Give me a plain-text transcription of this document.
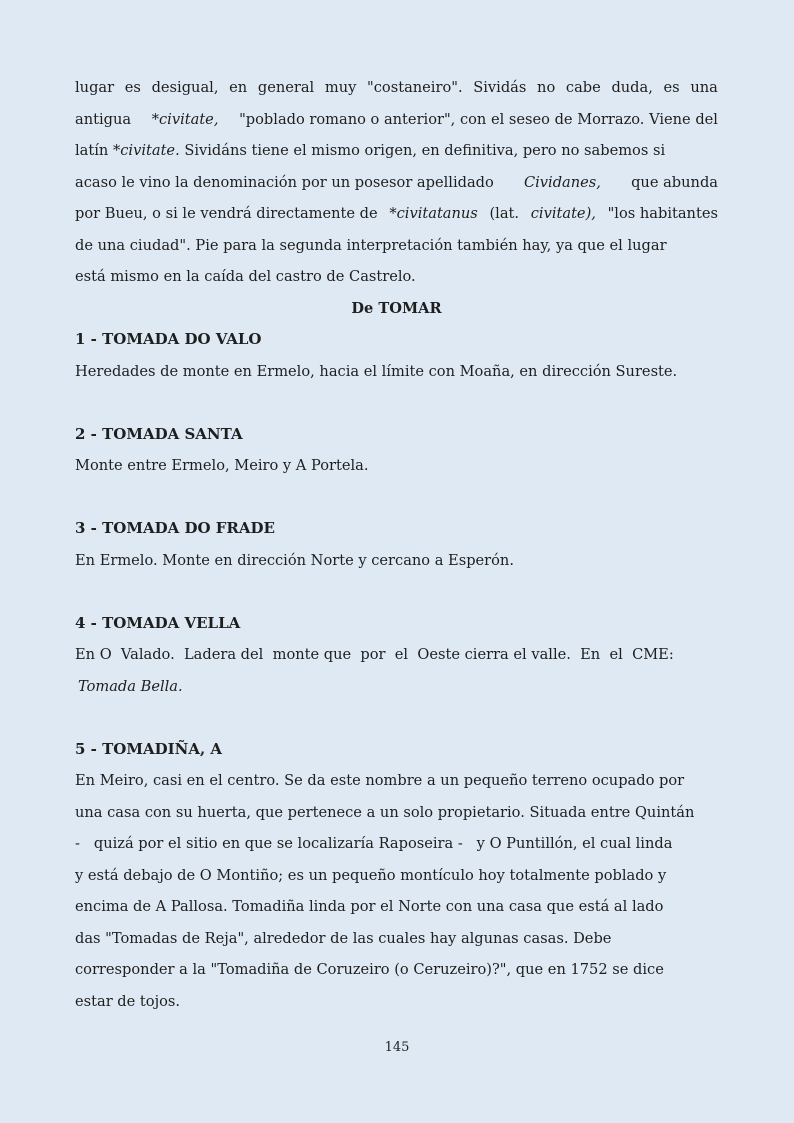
lugar es desigual, en general muy "costaneiro". Sividás no cabe duda, es una
antigua *civitate, "poblado romano o anterior", con el seseo de Morrazo. Viene del
latín *civitate. Sividáns tiene el mismo origen, en definitiva, pero no sabemos si
acaso le vino la denominación por un posesor apellidado Cividanes, que abunda
por Bueu, o si le vendrá directamente de *civitatanus (lat. civitate), "los habitantes
de una ciudad". Pie para la segunda interpretación también hay, ya que el lugar
está mismo en la caída del castro de Castrelo.
De TOMAR
1 - TOMADA DO VALO
Heredades de monte en Ermelo, hacia el límite con Moaña, en dirección Sureste.
2 - TOMADA SANTA
Monte entre Ermelo, Meiro y A Portela.
3 - TOMADA DO FRADE
En Ermelo. Monte en dirección Norte y cercano a Esperón.
4 - TOMADA VELLA
En O  Valado.  Ladera del  monte que  por  el  Oeste cierra el valle.  En  el  CME:
Tomada Bella.
5 - TOMADIÑA, A
En Meiro, casi en el centro. Se da este nombre a un pequeño terreno ocupado por
una casa con su huerta, que pertenece a un solo propietario. Situada entre Quintán
-   quizá por el sitio en que se localizaría Raposeira -   y O Puntillón, el cual linda
y está debajo de O Montiño; es un pequeño montículo hoy totalmente poblado y
encima de A Pallosa. Tomadiña linda por el Norte con una casa que está al lado
das "Tomadas de Reja", alrededor de las cuales hay algunas casas. Debe
corresponder a la "Tomadiña de Coruzeiro (o Ceruzeiro)?", que en 1752 se dice
estar de tojos.
145
